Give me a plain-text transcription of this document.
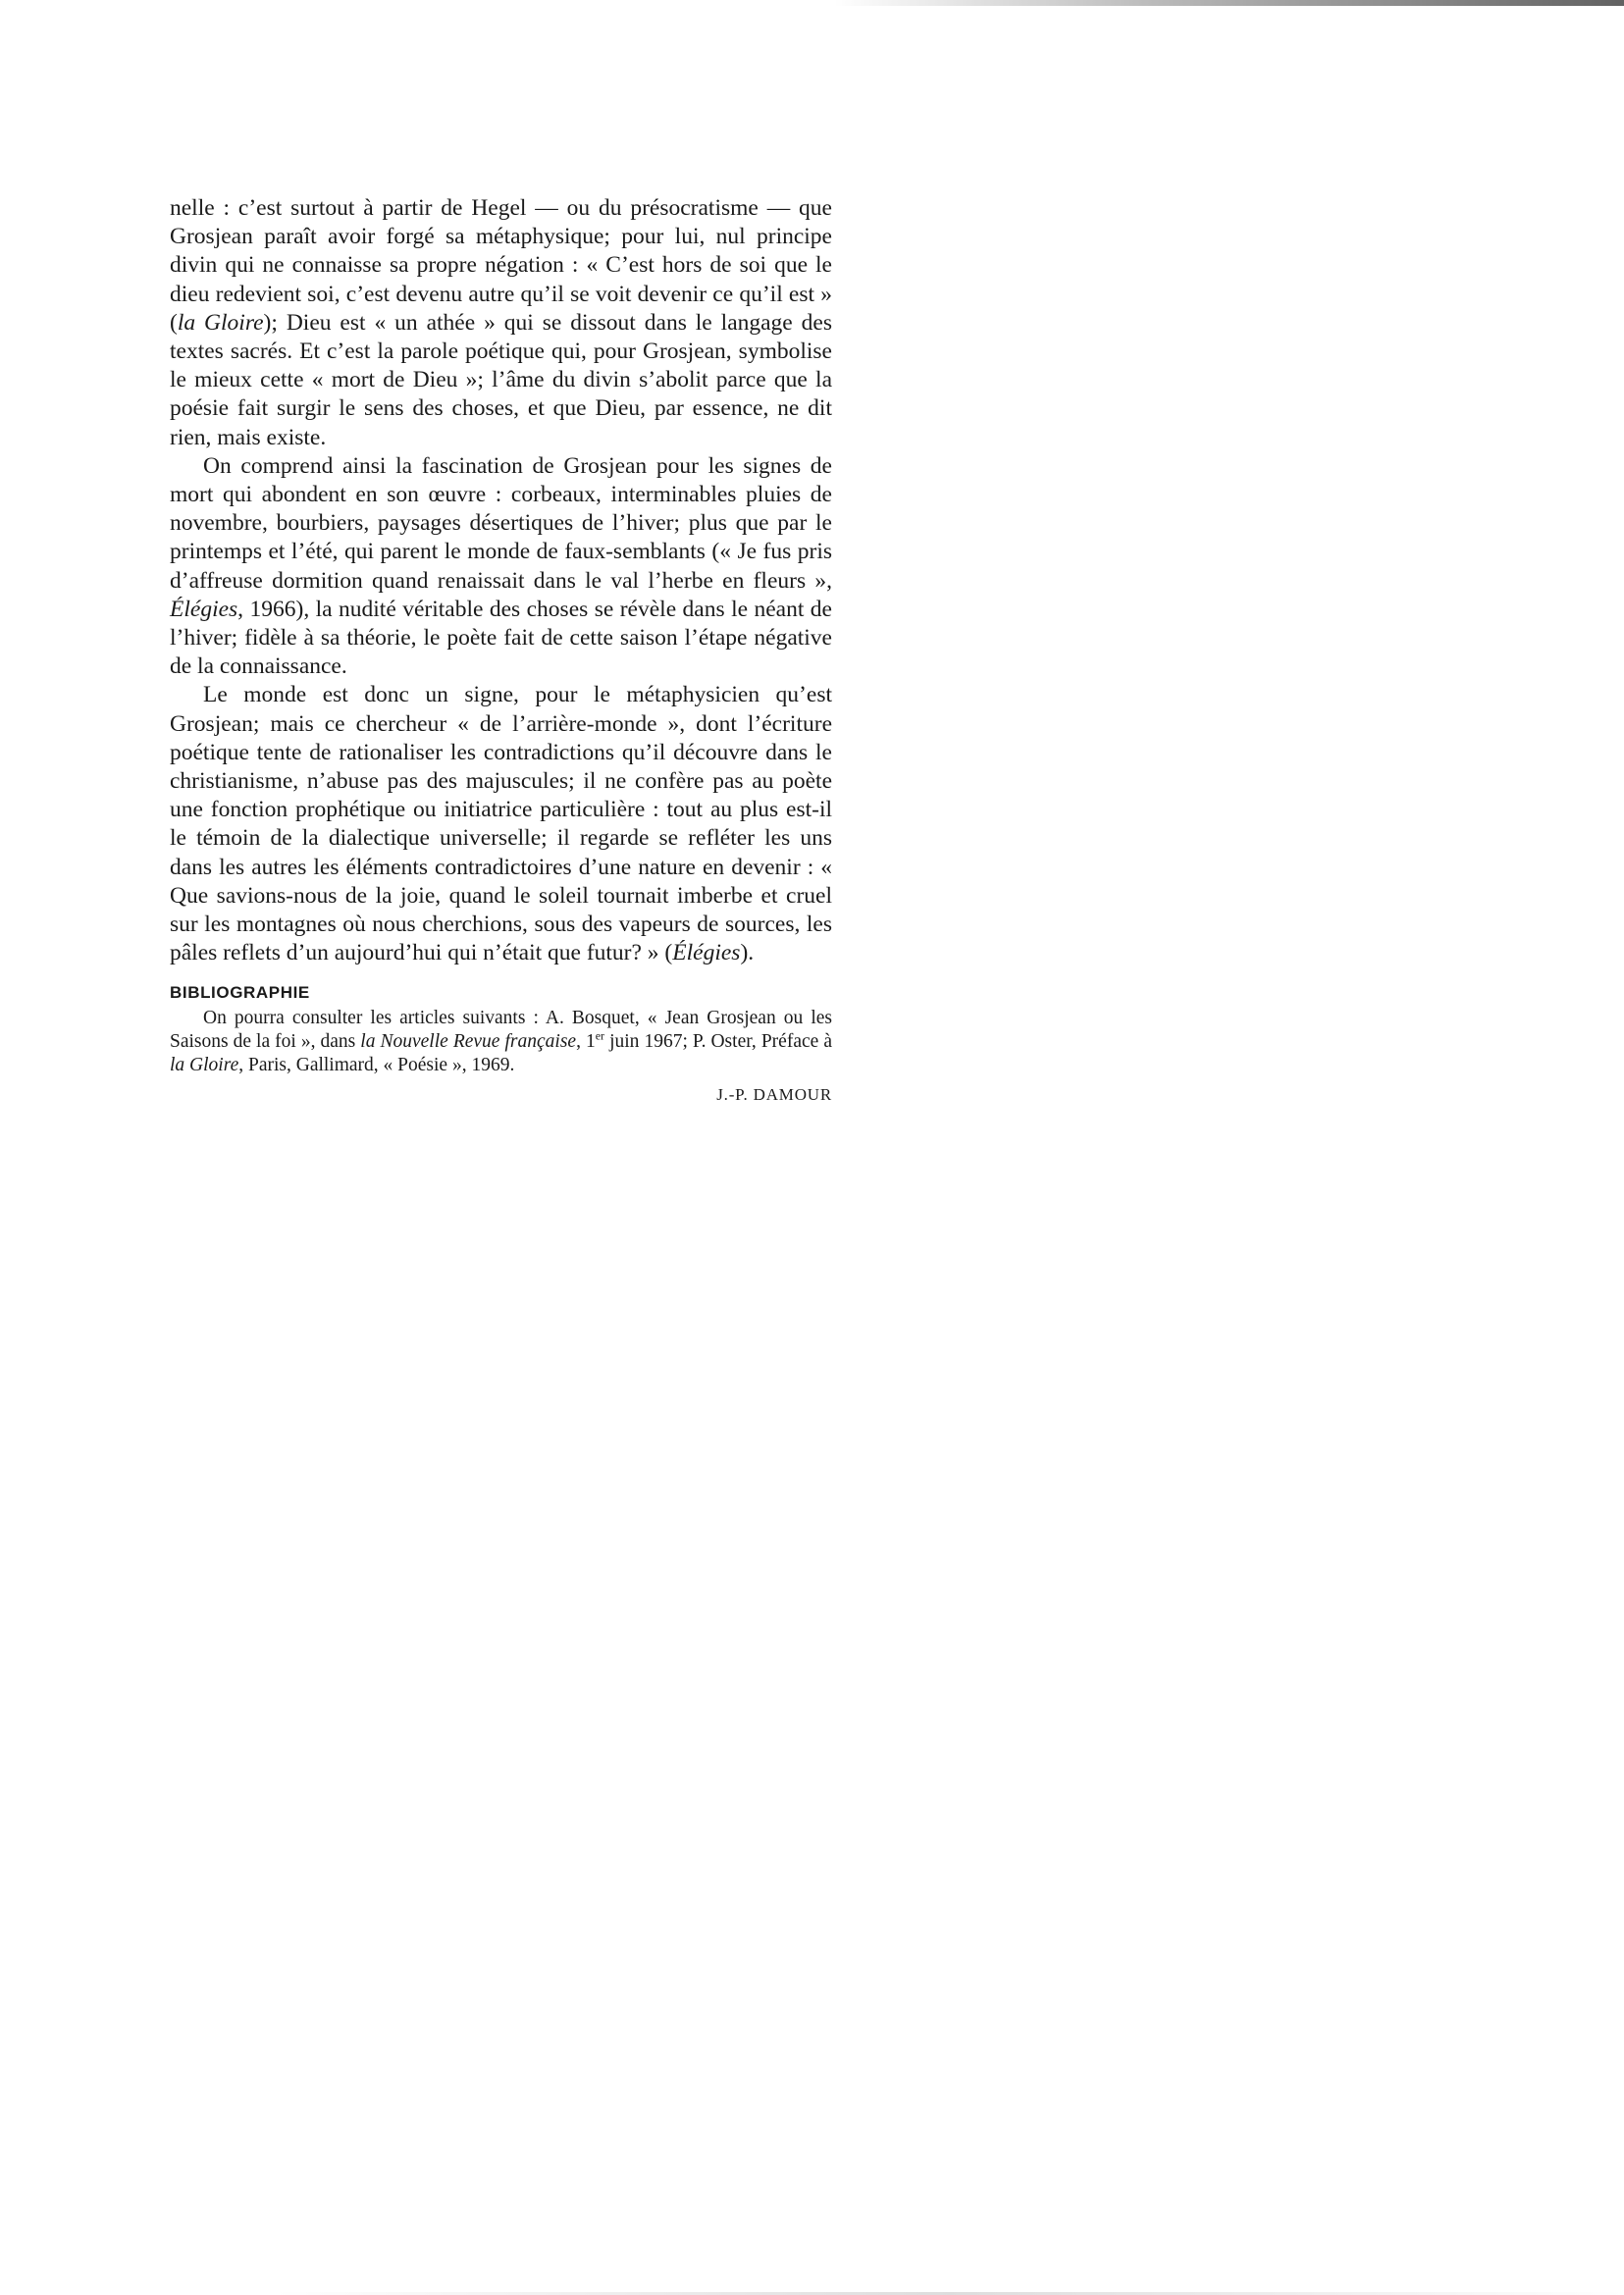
nelle : c’est surtout à partir de Hegel — ou du présocratisme — que Grosjean paraît avoir forgé sa métaphysique; pour lui, nul principe divin qui ne connaisse sa propre négation : « C’est hors de soi que le dieu redevient soi, c’est devenu autre qu’il se voit devenir ce qu’il est » (la Gloire); Dieu est « un athée » qui se dissout dans le langage des textes sacrés. Et c’est la parole poétique qui, pour Grosjean, symbolise le mieux cette « mort de Dieu »; l’âme du divin s’abolit parce que la poésie fait surgir le sens des choses, et que Dieu, par essence, ne dit rien, mais existe.

On comprend ainsi la fascination de Grosjean pour les signes de mort qui abondent en son œuvre : corbeaux, interminables pluies de novembre, bourbiers, paysages désertiques de l’hiver; plus que par le printemps et l’été, qui parent le monde de faux-semblants (« Je fus pris d’affreuse dormition quand renaissait dans le val l’herbe en fleurs », Élégies, 1966), la nudité véritable des choses se révèle dans le néant de l’hiver; fidèle à sa théorie, le poète fait de cette saison l’étape négative de la connaissance.

Le monde est donc un signe, pour le métaphysicien qu’est Grosjean; mais ce chercheur « de l’arrière-monde », dont l’écriture poétique tente de rationaliser les contradictions qu’il découvre dans le christianisme, n’abuse pas des majuscules; il ne confère pas au poète une fonction prophétique ou initiatrice particulière : tout au plus est-il le témoin de la dialectique universelle; il regarde se refléter les uns dans les autres les éléments contradictoires d’une nature en devenir : « Que savions-nous de la joie, quand le soleil tournait imberbe et cruel sur les montagnes où nous cherchions, sous des vapeurs de sources, les pâles reflets d’un aujourd’hui qui n’était que futur? » (Élégies).

BIBLIOGRAPHIE

On pourra consulter les articles suivants : A. Bosquet, « Jean Grosjean ou les Saisons de la foi », dans la Nouvelle Revue française, 1er juin 1967; P. Oster, Préface à la Gloire, Paris, Gallimard, « Poésie », 1969.

J.-P. DAMOUR
